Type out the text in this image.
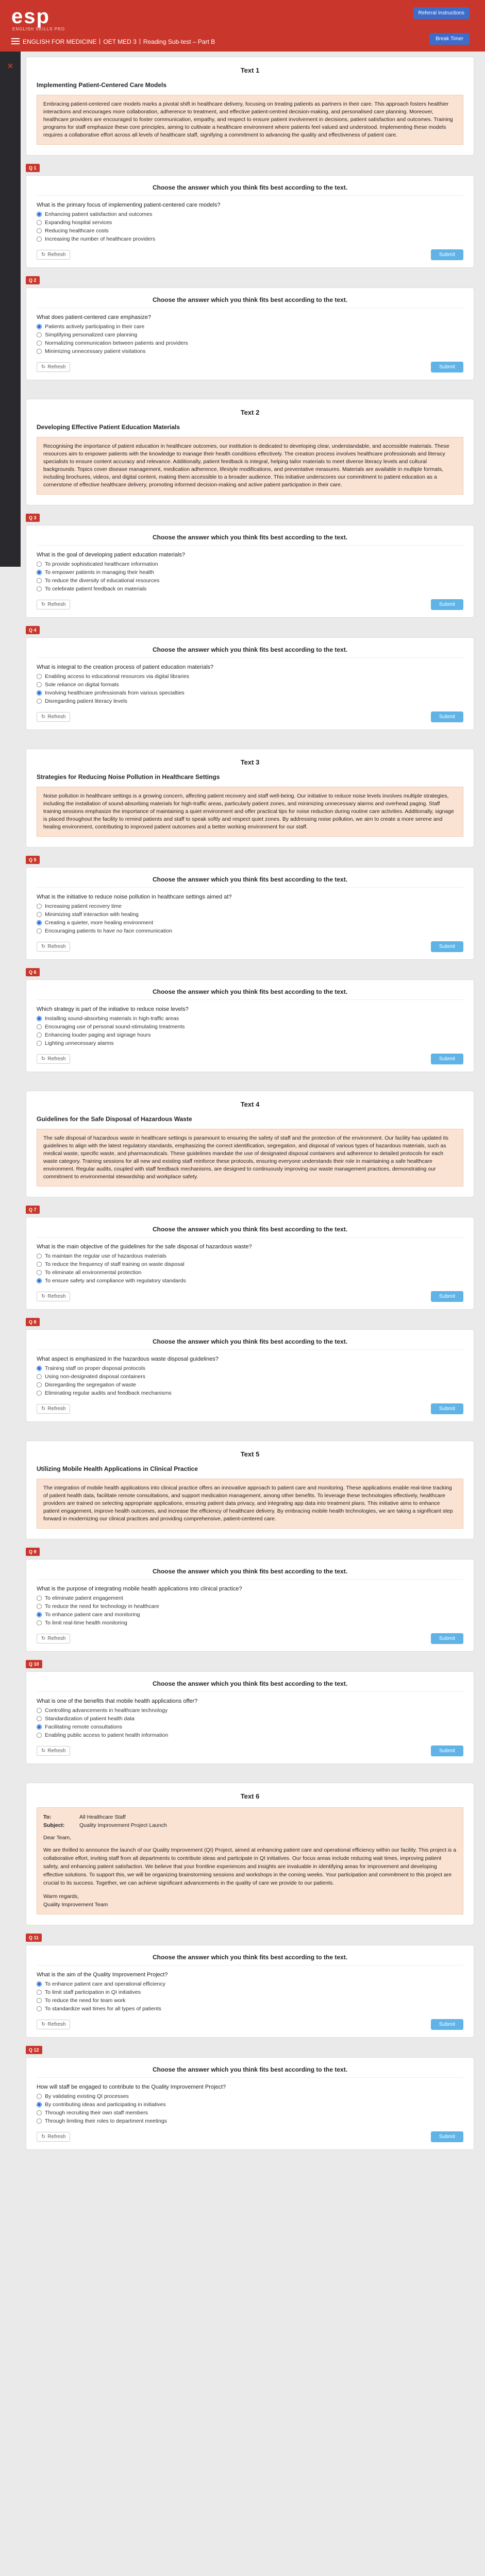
esp
ENGLISH SKILLS PRO
ENGLISH FOR MEDICINE OET MED 3 Reading Sub-test – Part B
Referral Instructions
Break Timer
✕
Text 1
Implementing Patient-Centered Care Models
Embracing patient-centered care models marks a pivotal shift in healthcare delivery, focusing on treating patients as partners in their care. This approach fosters healthier interactions and encourages more collaboration, adherence to treatment, and effective patient-centred decision-making, and personalised care planning. Moreover, healthcare providers are encouraged to foster communication, empathy, and respect to ensure patient involvement in decisions, patient satisfaction and outcomes. Training programs for staff emphasize these core principles, aiming to cultivate a healthcare environment where patients feel valued and understood. Implementing these models requires a collaborative effort across all levels of healthcare staff, signifying a commitment to advancing the quality and effectiveness of patient care.
Q 1
Choose the answer which you think fits best according to the text.
What is the primary focus of implementing patient-centered care models?
Enhancing patient satisfaction and outcomes
Expanding hospital services
Reducing healthcare costs
Increasing the number of healthcare providers
↻ Refresh	Submit
Q 2
Choose the answer which you think fits best according to the text.
What does patient-centered care emphasize?
Patients actively participating in their care
Simplifying personalized care planning
Normalizing communication between patients and providers
Minimizing unnecessary patient visitations
↻ Refresh	Submit
Text 2
Developing Effective Patient Education Materials
Recognising the importance of patient education in healthcare outcomes, our institution is dedicated to developing clear, understandable, and accessible materials. These resources aim to empower patients with the knowledge to manage their health conditions effectively. The creation process involves healthcare professionals and literacy specialists to ensure content accuracy and relevance. Additionally, patient feedback is integral, helping tailor materials to meet diverse literacy levels and cultural backgrounds. Topics cover disease management, medication adherence, lifestyle modifications, and preventative measures. Materials are available in multiple formats, including brochures, videos, and digital content, making them accessible to a broader audience. This initiative underscores our commitment to patient education as a cornerstone of effective healthcare delivery, promoting informed decision-making and active patient participation in their care.
Q 3
Choose the answer which you think fits best according to the text.
What is the goal of developing patient education materials?
To provide sophisticated healthcare information
To empower patients in managing their health
To reduce the diversity of educational resources
To celebrate patient feedback on materials
↻ Refresh	Submit
Q 4
Choose the answer which you think fits best according to the text.
What is integral to the creation process of patient education materials?
Enabling access to educational resources via digital libraries
Sole reliance on digital formats
Involving healthcare professionals from various specialties
Disregarding patient literacy levels
↻ Refresh	Submit
Text 3
Strategies for Reducing Noise Pollution in Healthcare Settings
Noise pollution in healthcare settings is a growing concern, affecting patient recovery and staff well-being. Our initiative to reduce noise levels involves multiple strategies, including the installation of sound-absorbing materials for high-traffic areas, particularly patient zones, and minimizing unnecessary alarms and overhead paging. Staff training sessions emphasize the importance of maintaining a quiet environment and offer practical tips for noise reduction during routine care activities. Additionally, signage is placed throughout the facility to remind patients and staff to speak softly and respect quiet zones. By addressing noise pollution, we aim to create a more serene and healing environment, contributing to improved patient outcomes and a better working environment for our staff.
Q 5
Choose the answer which you think fits best according to the text.
What is the initiative to reduce noise pollution in healthcare settings aimed at?
Increasing patient recovery time
Minimizing staff interaction with healing
Creating a quieter, more healing environment
Encouraging patients to have no face communication
↻ Refresh	Submit
Q 6
Choose the answer which you think fits best according to the text.
Which strategy is part of the initiative to reduce noise levels?
Installing sound-absorbing materials in high-traffic areas
Encouraging use of personal sound-stimulating treatments
Enhancing louder paging and signage hours
Lighting unnecessary alarms
↻ Refresh	Submit
Text 4
Guidelines for the Safe Disposal of Hazardous Waste
The safe disposal of hazardous waste in healthcare settings is paramount to ensuring the safety of staff and the protection of the environment. Our facility has updated its guidelines to align with the latest regulatory standards, emphasizing the correct identification, segregation, and disposal of various types of hazardous materials, such as medical waste, specific waste, and pharmaceuticals. These guidelines mandate the use of designated disposal containers and adherence to detailed protocols for each waste category. Training sessions for all new and existing staff reinforce these protocols, ensuring everyone understands their role in maintaining a safe healthcare environment. Regular audits, coupled with staff feedback mechanisms, are designed to continuously improving our waste management practices, demonstrating our commitment to environmental stewardship and workplace safety.
Q 7
Choose the answer which you think fits best according to the text.
What is the main objective of the guidelines for the safe disposal of hazardous waste?
To maintain the regular use of hazardous materials
To reduce the frequency of staff training on waste disposal
To eliminate all environmental protection
To ensure safety and compliance with regulatory standards
↻ Refresh	Submit
Q 8
Choose the answer which you think fits best according to the text.
What aspect is emphasized in the hazardous waste disposal guidelines?
Training staff on proper disposal protocols
Using non-designated disposal containers
Disregarding the segregation of waste
Eliminating regular audits and feedback mechanisms
↻ Refresh	Submit
Text 5
Utilizing Mobile Health Applications in Clinical Practice
The integration of mobile health applications into clinical practice offers an innovative approach to patient care and monitoring. These applications enable real-time tracking of patient health data, facilitate remote consultations, and support medication management, among other benefits. To leverage these technologies effectively, healthcare providers are trained on selecting appropriate applications, ensuring patient data privacy, and integrating app data into treatment plans. This initiative aims to enhance patient engagement, improve health outcomes, and increase the efficiency of healthcare delivery. By embracing mobile health technologies, we are taking a significant step forward in modernizing our clinical practices and providing comprehensive, patient-centered care.
Q 9
Choose the answer which you think fits best according to the text.
What is the purpose of integrating mobile health applications into clinical practice?
To eliminate patient engagement
To reduce the need for technology in healthcare
To enhance patient care and monitoring
To limit real-time health monitoring
↻ Refresh	Submit
Q 10
Choose the answer which you think fits best according to the text.
What is one of the benefits that mobile health applications offer?
Controlling advancements in healthcare technology
Standardization of patient health data
Facilitating remote consultations
Enabling public access to patient health information
↻ Refresh	Submit
Text 6
To:	All Healthcare Staff
Subject:	Quality Improvement Project Launch
Dear Team,
We are thrilled to announce the launch of our Quality Improvement (QI) Project, aimed at enhancing patient care and operational efficiency within our facility. This project is a collaborative effort, inviting staff from all departments to contribute ideas and participate in QI initiatives. Our focus areas include reducing wait times, improving patient safety, and enhancing patient satisfaction. We believe that your frontline experiences and insights are invaluable in identifying areas for improvement and developing effective solutions. To support this, we will be organizing brainstorming sessions and workshops in the coming weeks. Your participation and commitment to this project are crucial to its success. Together, we can achieve significant advancements in the quality of care we provide to our patients.
Warm regards,
Quality Improvement Team
Q 11
Choose the answer which you think fits best according to the text.
What is the aim of the Quality Improvement Project?
To enhance patient care and operational efficiency
To limit staff participation in QI initiatives
To reduce the need for team work
To standardize wait times for all types of patients
↻ Refresh	Submit
Q 12
Choose the answer which you think fits best according to the text.
How will staff be engaged to contribute to the Quality Improvement Project?
By validating existing QI processes
By contributing ideas and participating in initiatives
Through recruiting their own staff members
Through limiting their roles to department meetings
↻ Refresh	Submit
